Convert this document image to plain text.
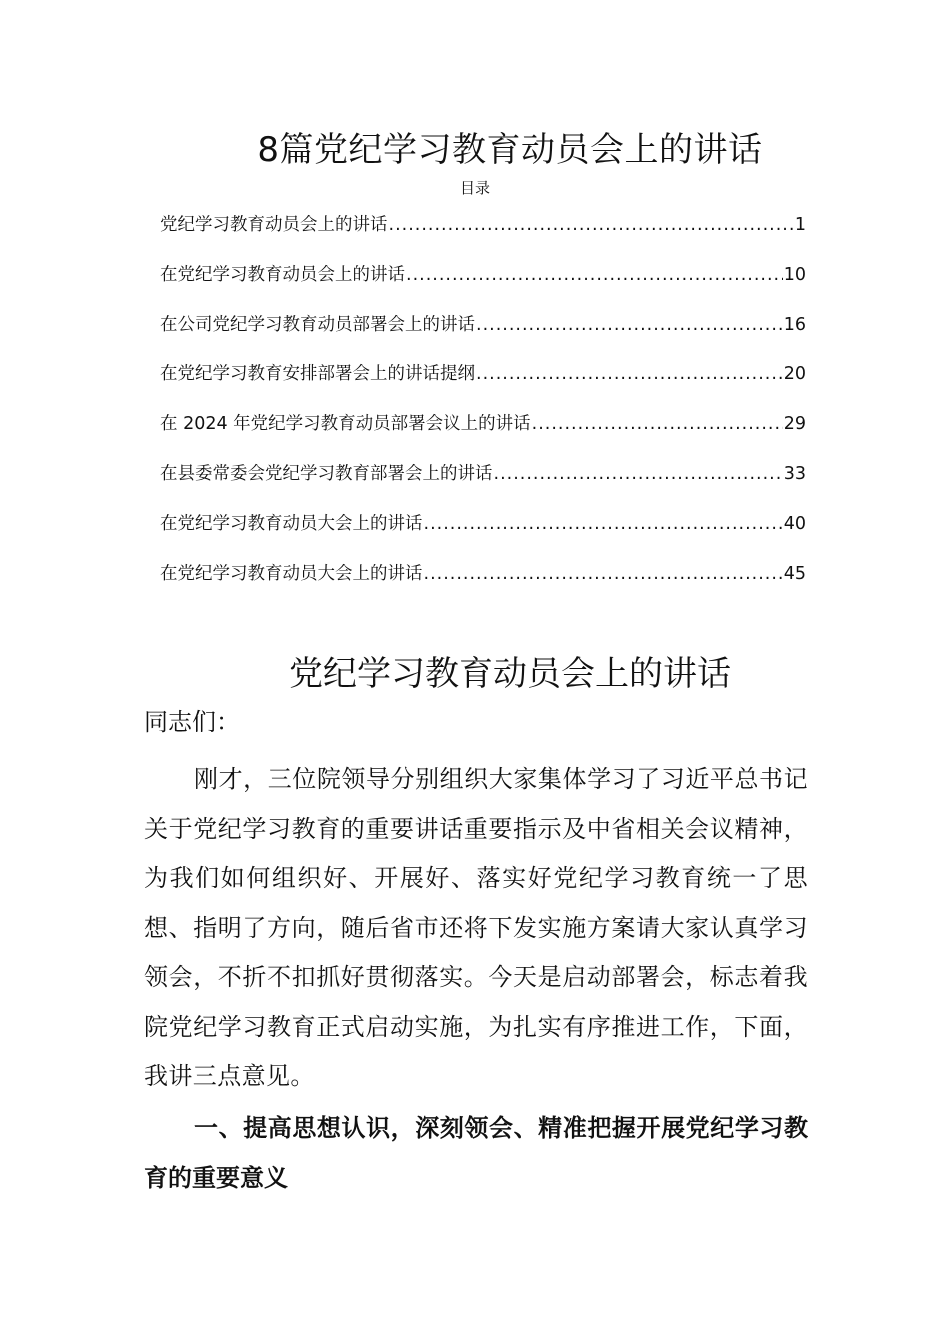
8篇党纪学习教育动员会上的讲话
目录
党纪学习教育动员会上的讲话 .....	1
在党纪学习教育动员会上的讲话 .....	10
在公司党纪学习教育动员部署会上的讲话 .....	16
在党纪学习教育安排部署会上的讲话提纲 .....	20
在 2024 年党纪学习教育动员部署会议上的讲话 .....	29
在县委常委会党纪学习教育部署会上的讲话 .....	33
在党纪学习教育动员大会上的讲话 .....	40
在党纪学习教育动员大会上的讲话 .....	45
党纪学习教育动员会上的讲话
同志们：

刚才，三位院领导分别组织大家集体学习了习近平总书记关于党纪学习教育的重要讲话重要指示及中省相关会议精神，为我们如何组织好、开展好、落实好党纪学习教育统一了思想、指明了方向，随后省市还将下发实施方案请大家认真学习领会，不折不扣抓好贯彻落实。今天是启动部署会，标志着我院党纪学习教育正式启动实施，为扎实有序推进工作，下面，我讲三点意见。

一、提高思想认识，深刻领会、精准把握开展党纪学习教育的重要意义
